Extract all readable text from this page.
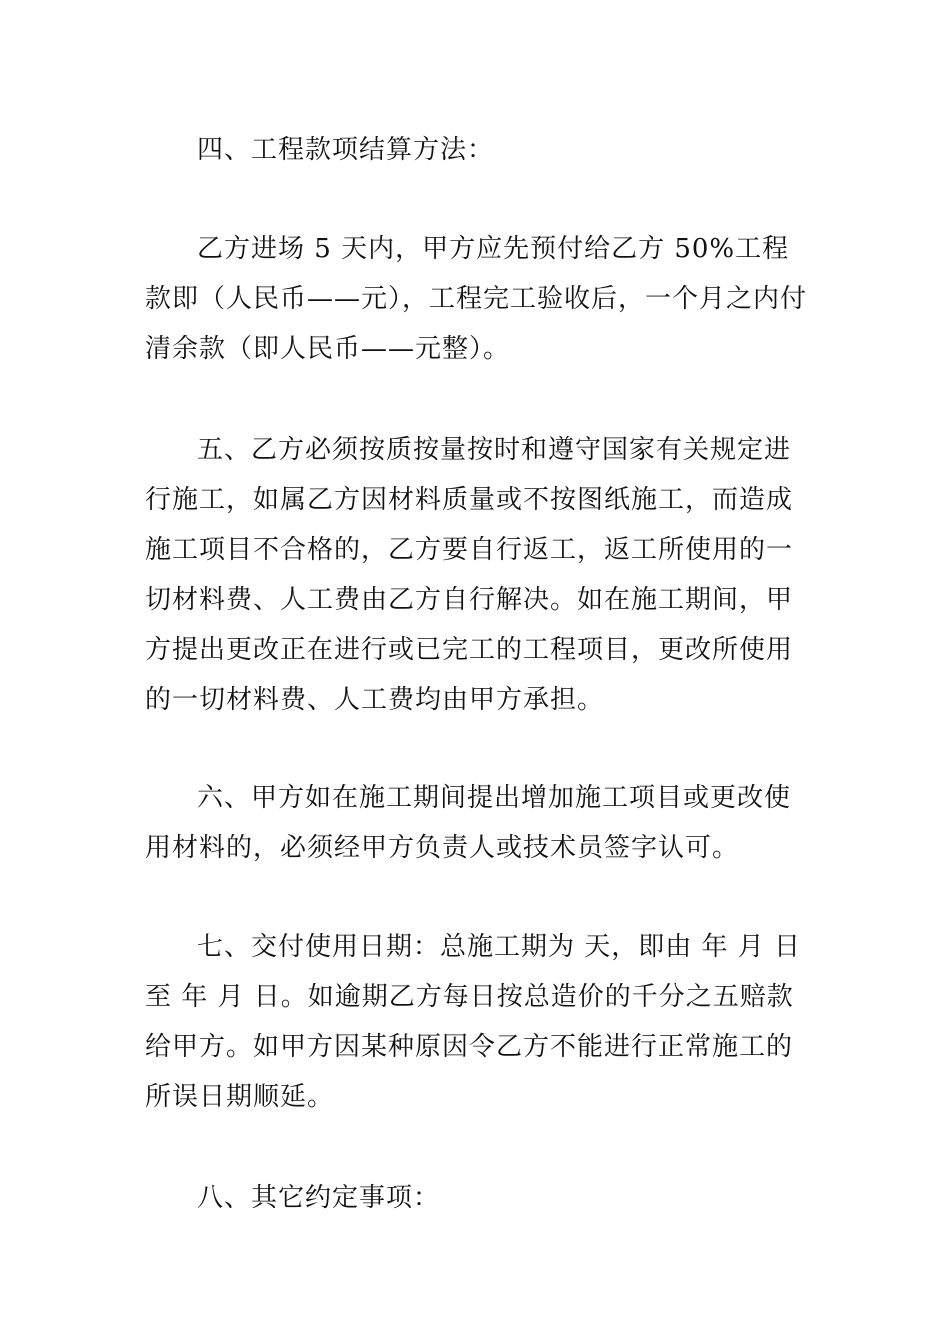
四、工程款项结算方法：

乙方进场 5 天内，甲方应先预付给乙方 50%工程款即（人民币——元），工程完工验收后，一个月之内付清余款（即人民币——元整）。

五、乙方必须按质按量按时和遵守国家有关规定进行施工，如属乙方因材料质量或不按图纸施工，而造成施工项目不合格的，乙方要自行返工，返工所使用的一切材料费、人工费由乙方自行解决。如在施工期间，甲方提出更改正在进行或已完工的工程项目，更改所使用的一切材料费、人工费均由甲方承担。

六、甲方如在施工期间提出增加施工项目或更改使用材料的，必须经甲方负责人或技术员签字认可。

七、交付使用日期：总施工期为 天，即由 年 月 日至 年 月 日。如逾期乙方每日按总造价的千分之五赔款给甲方。如甲方因某种原因令乙方不能进行正常施工的所误日期顺延。

八、其它约定事项：
